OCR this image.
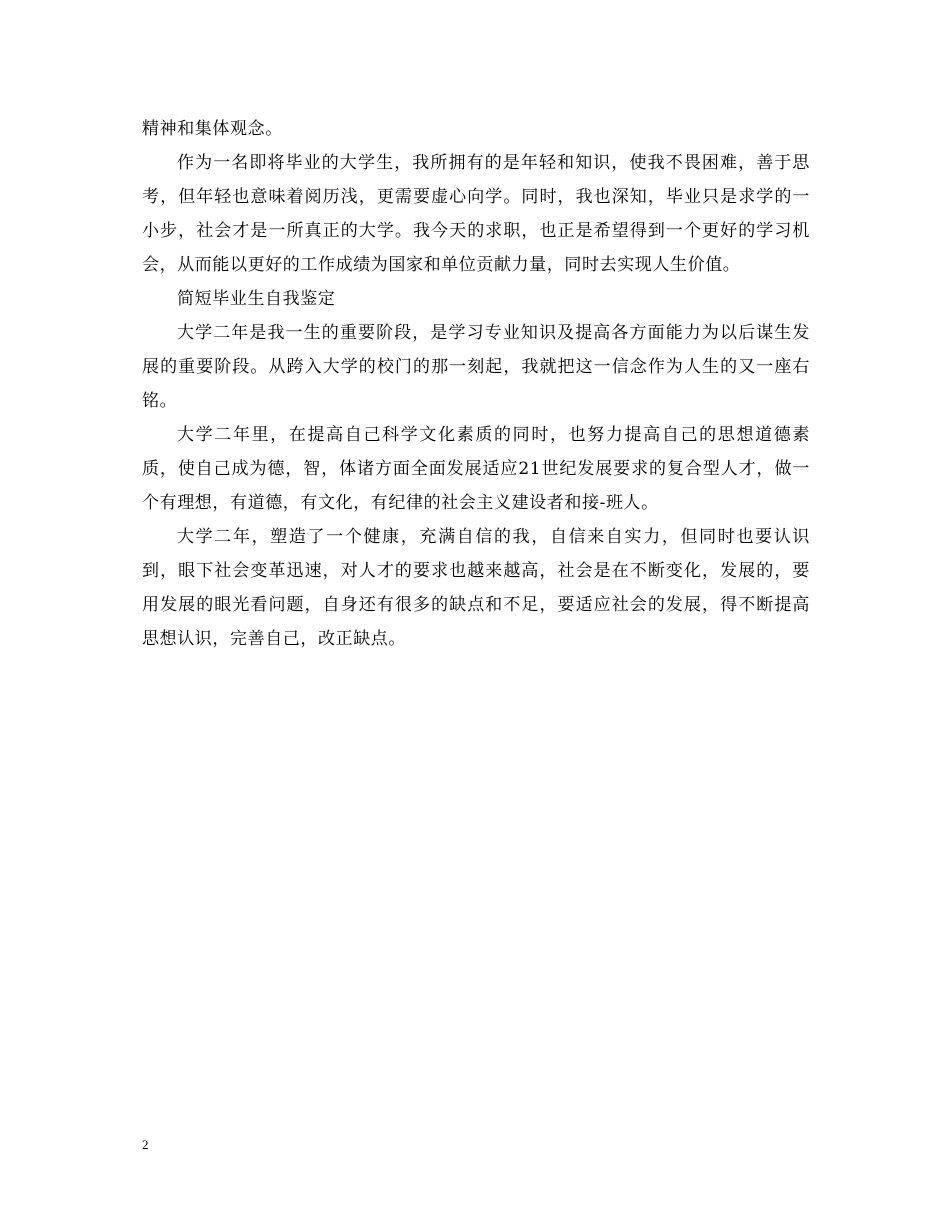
精神和集体观念。

作为一名即将毕业的大学生，我所拥有的是年轻和知识，使我不畏困难，善于思考，但年轻也意味着阅历浅，更需要虚心向学。同时，我也深知，毕业只是求学的一小步，社会才是一所真正的大学。我今天的求职，也正是希望得到一个更好的学习机会，从而能以更好的工作成绩为国家和单位贡献力量，同时去实现人生价值。

简短毕业生自我鉴定

大学二年是我一生的重要阶段，是学习专业知识及提高各方面能力为以后谋生发展的重要阶段。从跨入大学的校门的那一刻起，我就把这一信念作为人生的又一座右铭。

大学二年里，在提高自己科学文化素质的同时，也努力提高自己的思想道德素质，使自己成为德，智，体诸方面全面发展适应21世纪发展要求的复合型人才，做一个有理想，有道德，有文化，有纪律的社会主义建设者和接-班人。

大学二年，塑造了一个健康，充满自信的我，自信来自实力，但同时也要认识到，眼下社会变革迅速，对人才的要求也越来越高，社会是在不断变化，发展的，要用发展的眼光看问题，自身还有很多的缺点和不足，要适应社会的发展，得不断提高思想认识，完善自己，改正缺点。

2
